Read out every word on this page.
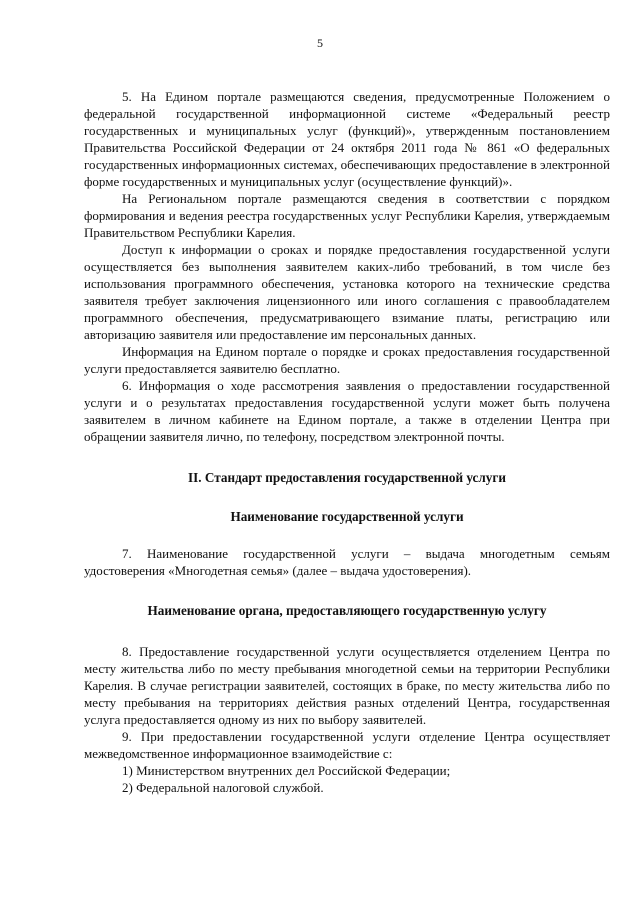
5

5. На Едином портале размещаются сведения, предусмотренные Положением о федеральной государственной информационной системе «Федеральный реестр государственных и муниципальных услуг (функций)», утвержденным постановлением Правительства Российской Федерации от 24 октября 2011 года № 861 «О федеральных государственных информационных системах, обеспечивающих предоставление в электронной форме государственных и муниципальных услуг (осуществление функций)».

На Региональном портале размещаются сведения в соответствии с порядком формирования и ведения реестра государственных услуг Республики Карелия, утверждаемым Правительством Республики Карелия.

Доступ к информации о сроках и порядке предоставления государственной услуги осуществляется без выполнения заявителем каких-либо требований, в том числе без использования программного обеспечения, установка которого на технические средства заявителя требует заключения лицензионного или иного соглашения с правообладателем программного обеспечения, предусматривающего взимание платы, регистрацию или авторизацию заявителя или предоставление им персональных данных.

Информация на Едином портале о порядке и сроках предоставления государственной услуги предоставляется заявителю бесплатно.

6. Информация о ходе рассмотрения заявления о предоставлении государственной услуги и о результатах предоставления государственной услуги может быть получена заявителем в личном кабинете на Едином портале, а также в отделении Центра при обращении заявителя лично, по телефону, посредством электронной почты.

II. Стандарт предоставления государственной услуги
Наименование государственной услуги

7. Наименование государственной услуги – выдача многодетным семьям удостоверения «Многодетная семья» (далее – выдача удостоверения).

Наименование органа, предоставляющего государственную услугу

8. Предоставление государственной услуги осуществляется отделением Центра по месту жительства либо по месту пребывания многодетной семьи на территории Республики Карелия. В случае регистрации заявителей, состоящих в браке, по месту жительства либо по месту пребывания на территориях действия разных отделений Центра, государственная услуга предоставляется одному из них по выбору заявителей.

9. При предоставлении государственной услуги отделение Центра осуществляет межведомственное информационное взаимодействие с:

1) Министерством внутренних дел Российской Федерации;

2) Федеральной налоговой службой.
